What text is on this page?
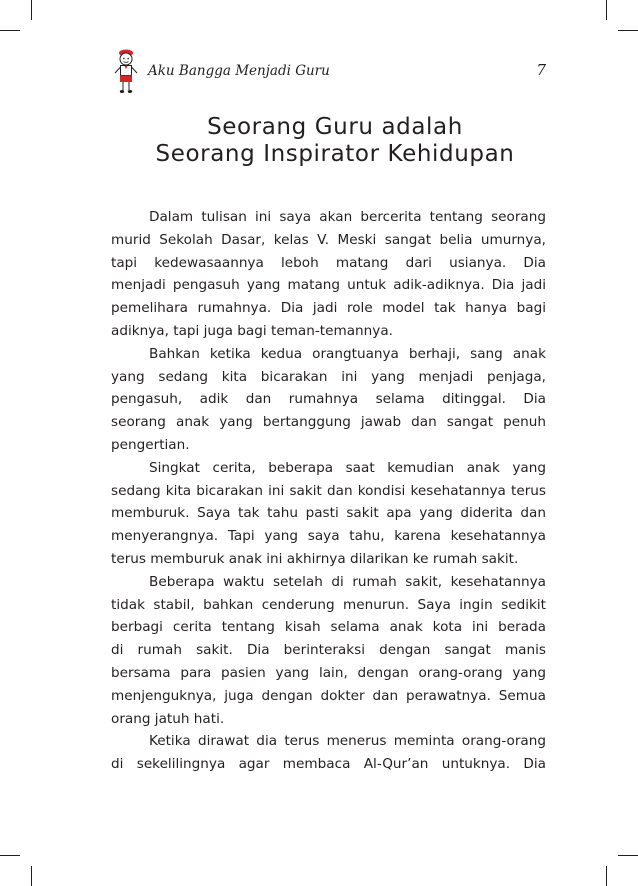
Aku Bangga Menjadi Guru	7
Seorang Guru adalah
Seorang Inspirator Kehidupan

Dalam tulisan ini saya akan bercerita tentang seorang
murid Sekolah Dasar, kelas V. Meski sangat belia umurnya,
tapi kedewasaannya leboh matang dari usianya. Dia
menjadi pengasuh yang matang untuk adik-adiknya. Dia jadi
pemelihara rumahnya. Dia jadi role model tak hanya bagi
adiknya, tapi juga bagi teman-temannya.

Bahkan ketika kedua orangtuanya berhaji, sang anak
yang sedang kita bicarakan ini yang menjadi penjaga,
pengasuh, adik dan rumahnya selama ditinggal. Dia
seorang anak yang bertanggung jawab dan sangat penuh
pengertian.

Singkat cerita, beberapa saat kemudian anak yang
sedang kita bicarakan ini sakit dan kondisi kesehatannya terus
memburuk. Saya tak tahu pasti sakit apa yang diderita dan
menyerangnya. Tapi yang saya tahu, karena kesehatannya
terus memburuk anak ini akhirnya dilarikan ke rumah sakit.

Beberapa waktu setelah di rumah sakit, kesehatannya
tidak stabil, bahkan cenderung menurun. Saya ingin sedikit
berbagi cerita tentang kisah selama anak kota ini berada
di rumah sakit. Dia berinteraksi dengan sangat manis
bersama para pasien yang lain, dengan orang-orang yang
menjenguknya, juga dengan dokter dan perawatnya. Semua
orang jatuh hati.

Ketika dirawat dia terus menerus meminta orang-orang
di sekelilingnya agar membaca Al-Qur’an untuknya. Dia
